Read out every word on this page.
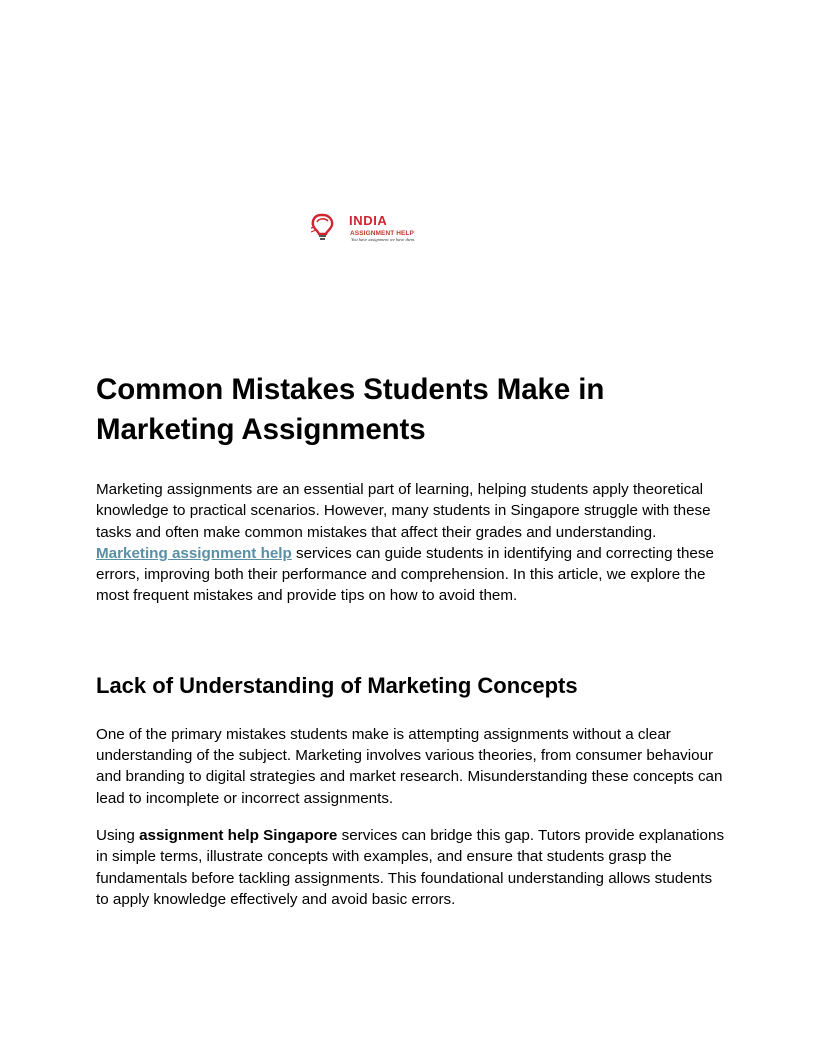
INDIA
ASSIGNMENT HELP
You have assignment we have them.
Common Mistakes Students Make in Marketing Assignments

Marketing assignments are an essential part of learning, helping students apply theoretical knowledge to practical scenarios. However, many students in Singapore struggle with these tasks and often make common mistakes that affect their grades and understanding. Marketing assignment help services can guide students in identifying and correcting these errors, improving both their performance and comprehension. In this article, we explore the most frequent mistakes and provide tips on how to avoid them.

Lack of Understanding of Marketing Concepts

One of the primary mistakes students make is attempting assignments without a clear understanding of the subject. Marketing involves various theories, from consumer behaviour and branding to digital strategies and market research. Misunderstanding these concepts can lead to incomplete or incorrect assignments.

Using assignment help Singapore services can bridge this gap. Tutors provide explanations in simple terms, illustrate concepts with examples, and ensure that students grasp the fundamentals before tackling assignments. This foundational understanding allows students to apply knowledge effectively and avoid basic errors.
